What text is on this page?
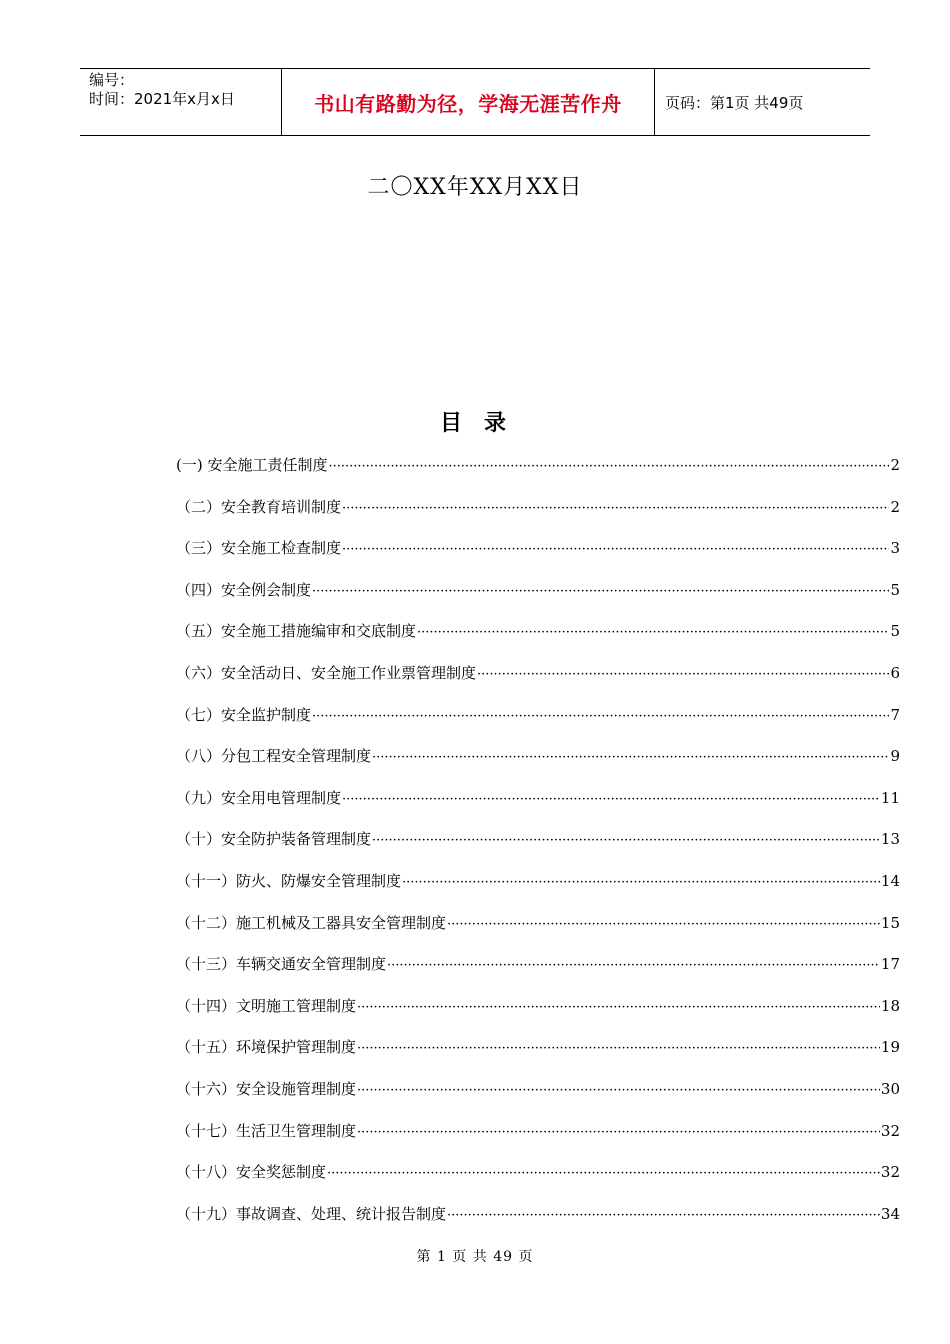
编号：
时间：2021年x月x日	书山有路勤为径，学海无涯苦作舟	页码：第1页 共49页
二〇XX年XX月XX日
目录
(一) 安全施工责任制度 ·····	2
（二）安全教育培训制度 ·····	2
（三）安全施工检查制度 ·····	3
（四）安全例会制度 ·····	5
（五）安全施工措施编审和交底制度 ·····	5
（六）安全活动日、安全施工作业票管理制度 ·····	6
（七）安全监护制度 ·····	7
（八）分包工程安全管理制度 ·····	9
（九）安全用电管理制度 ·····	11
（十）安全防护装备管理制度 ·····	13
（十一）防火、防爆安全管理制度 ·····	14
（十二）施工机械及工器具安全管理制度 ·····	15
（十三）车辆交通安全管理制度 ·····	17
（十四）文明施工管理制度 ·····	18
（十五）环境保护管理制度 ·····	19
（十六）安全设施管理制度 ·····	30
（十七）生活卫生管理制度 ·····	32
（十八）安全奖惩制度 ·····	32
（十九）事故调查、处理、统计报告制度 ·····	34
第 1 页 共 49 页
